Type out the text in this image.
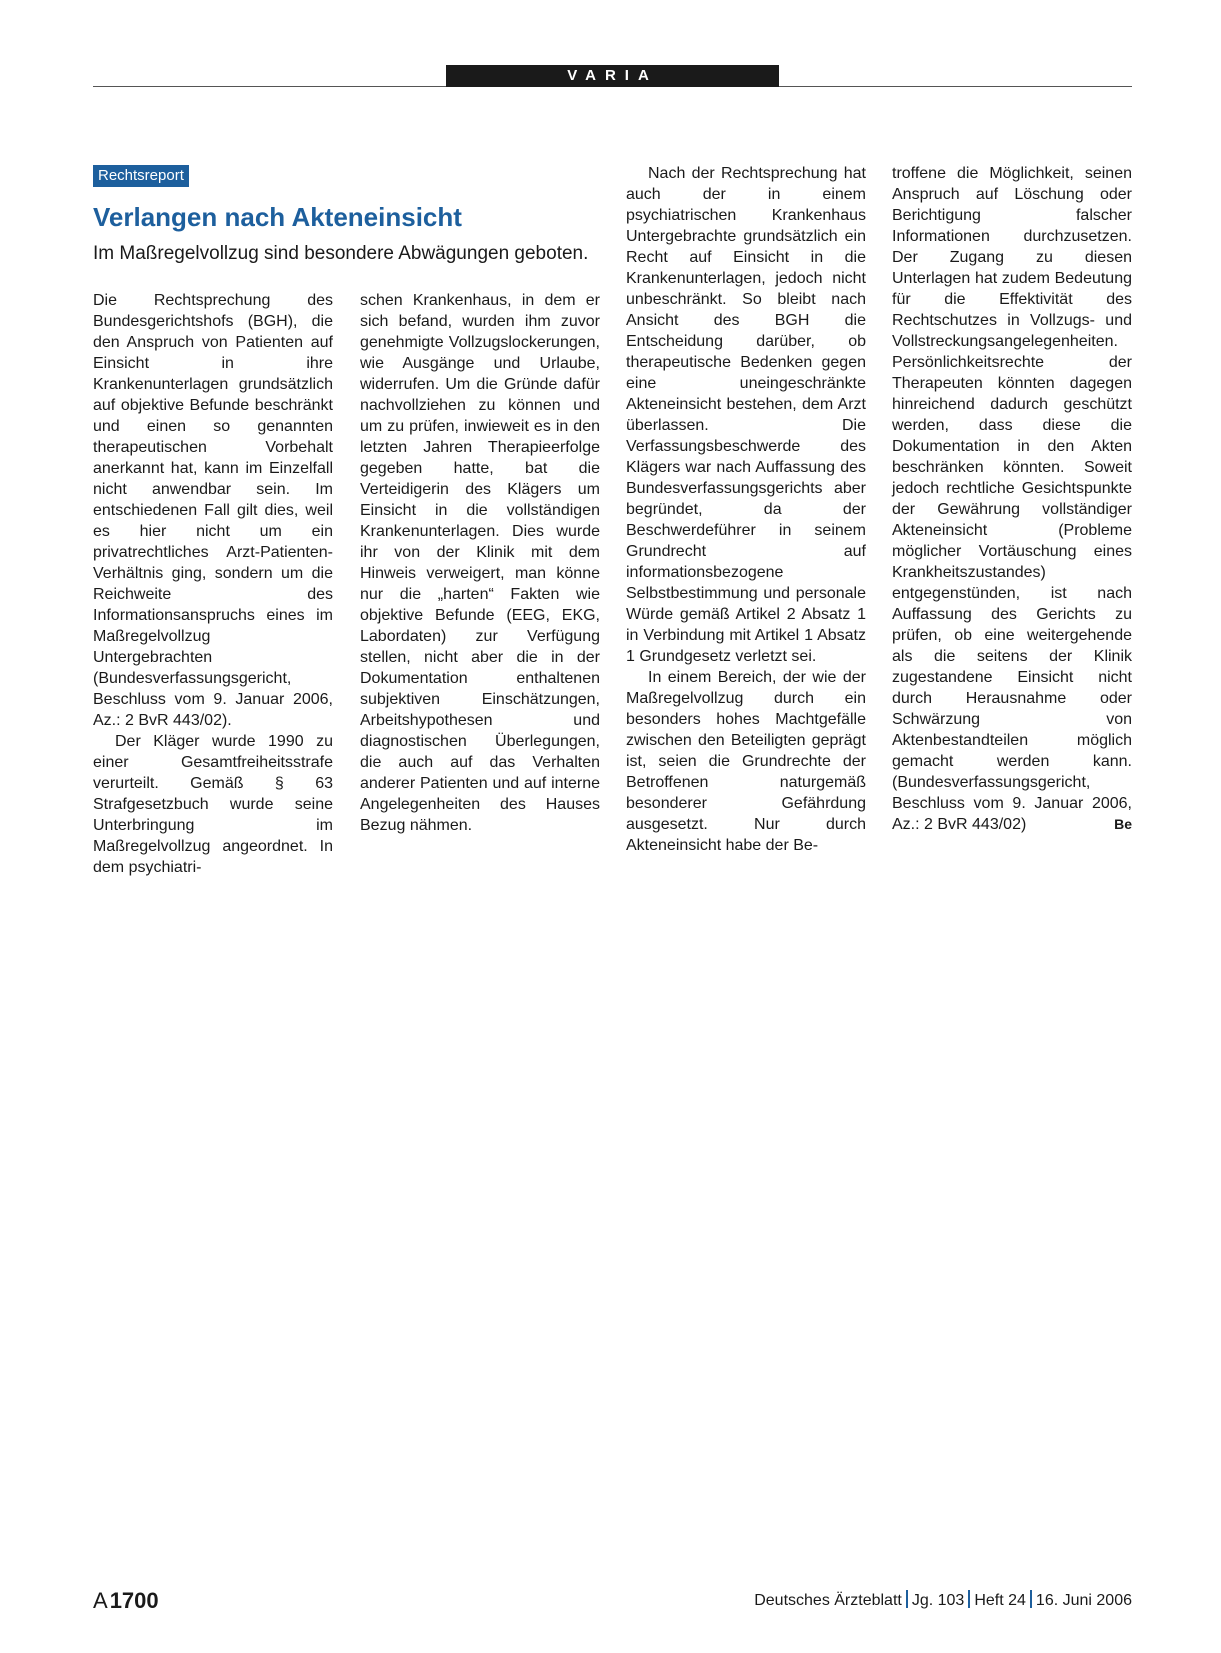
VARIA
Rechtsreport
Verlangen nach Akteneinsicht

Im Maßregelvollzug sind besondere Abwägungen geboten.

Die Rechtsprechung des Bundesgerichtshofs (BGH), die den Anspruch von Patienten auf Einsicht in ihre Krankenunterlagen grundsätzlich auf objektive Befunde beschränkt und einen so genannten therapeutischen Vorbehalt anerkannt hat, kann im Einzelfall nicht anwendbar sein. Im entschiedenen Fall gilt dies, weil es hier nicht um ein privatrechtliches Arzt-Patienten-Verhältnis ging, sondern um die Reichweite des Informationsanspruchs eines im Maßregelvollzug Untergebrachten (Bundesverfassungsgericht, Beschluss vom 9. Januar 2006, Az.: 2 BvR 443/02).

Der Kläger wurde 1990 zu einer Gesamtfreiheitsstrafe verurteilt. Gemäß § 63 Strafgesetzbuch wurde seine Unterbringung im Maßregelvollzug angeordnet. In dem psychiatri-

schen Krankenhaus, in dem er sich befand, wurden ihm zuvor genehmigte Vollzugslockerungen, wie Ausgänge und Urlaube, widerrufen. Um die Gründe dafür nachvollziehen zu können und um zu prüfen, inwieweit es in den letzten Jahren Therapieerfolge gegeben hatte, bat die Verteidigerin des Klägers um Einsicht in die vollständigen Krankenunterlagen. Dies wurde ihr von der Klinik mit dem Hinweis verweigert, man könne nur die „harten“ Fakten wie objektive Befunde (EEG, EKG, Labordaten) zur Verfügung stellen, nicht aber die in der Dokumentation enthaltenen subjektiven Einschätzungen, Arbeitshypothesen und diagnostischen Überlegungen, die auch auf das Verhalten anderer Patienten und auf interne Angelegenheiten des Hauses Bezug nähmen.

Nach der Rechtsprechung hat auch der in einem psychiatrischen Krankenhaus Untergebrachte grundsätzlich ein Recht auf Einsicht in die Krankenunterlagen, jedoch nicht unbeschränkt. So bleibt nach Ansicht des BGH die Entscheidung darüber, ob therapeutische Bedenken gegen eine uneingeschränkte Akteneinsicht bestehen, dem Arzt überlassen. Die Verfassungsbeschwerde des Klägers war nach Auffassung des Bundesverfassungsgerichts aber begründet, da der Beschwerdeführer in seinem Grundrecht auf informationsbezogene Selbstbestimmung und personale Würde gemäß Artikel 2 Absatz 1 in Verbindung mit Artikel 1 Absatz 1 Grundgesetz verletzt sei.

In einem Bereich, der wie der Maßregelvollzug durch ein besonders hohes Machtgefälle zwischen den Beteiligten geprägt ist, seien die Grundrechte der Betroffenen naturgemäß besonderer Gefährdung ausgesetzt. Nur durch Akteneinsicht habe der Be-

troffene die Möglichkeit, seinen Anspruch auf Löschung oder Berichtigung falscher Informationen durchzusetzen. Der Zugang zu diesen Unterlagen hat zudem Bedeutung für die Effektivität des Rechtschutzes in Vollzugs- und Vollstreckungsangelegenheiten. Persönlichkeitsrechte der Therapeuten könnten dagegen hinreichend dadurch geschützt werden, dass diese die Dokumentation in den Akten beschränken könnten. Soweit jedoch rechtliche Gesichtspunkte der Gewährung vollständiger Akteneinsicht (Probleme möglicher Vortäuschung eines Krankheitszustandes) entgegenstünden, ist nach Auffassung des Gerichts zu prüfen, ob eine weitergehende als die seitens der Klinik zugestandene Einsicht nicht durch Herausnahme oder Schwärzung von Aktenbestandteilen möglich gemacht werden kann. (Bundesverfassungsgericht, Beschluss vom 9. Januar 2006, Az.: 2 BvR 443/02)	Be

A1700	Deutsches Ärzteblatt Jg. 103 Heft 24 16. Juni 2006
